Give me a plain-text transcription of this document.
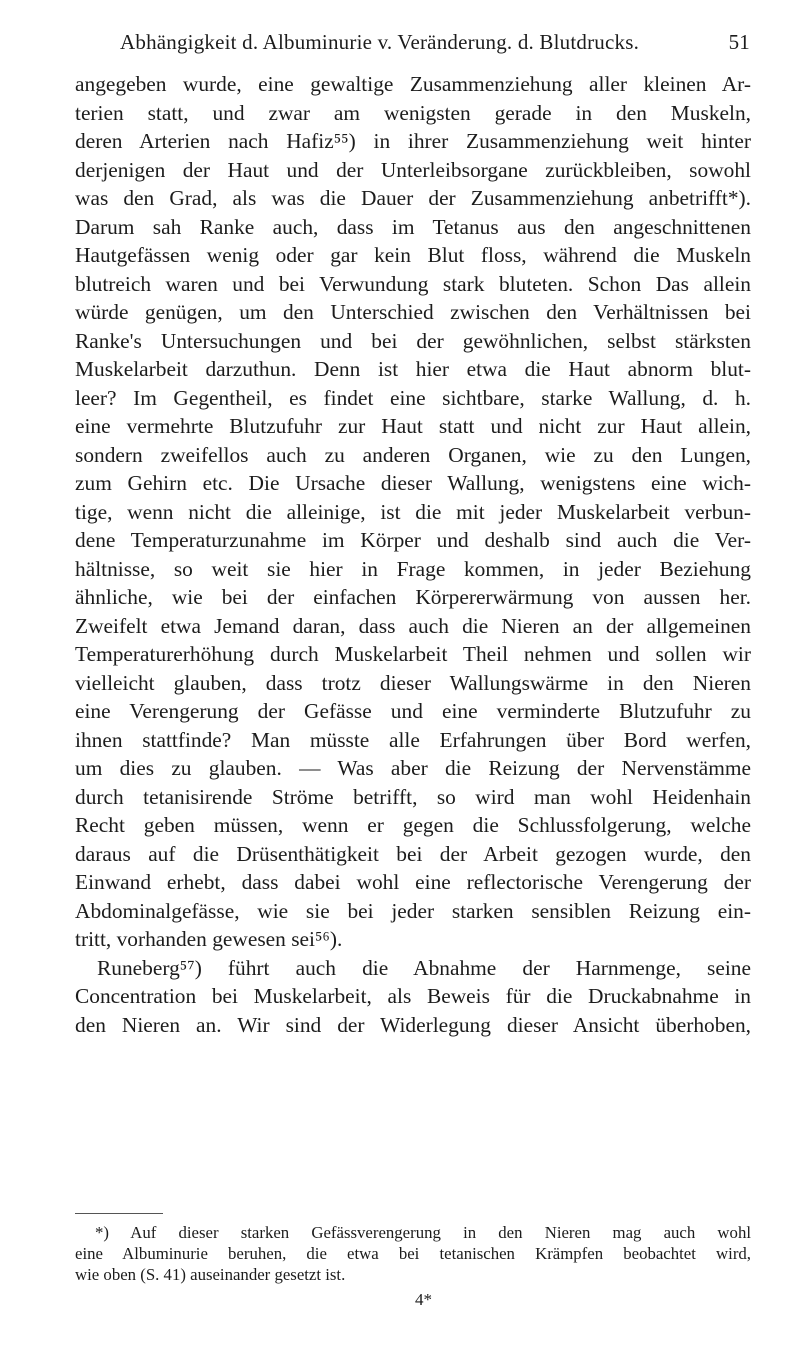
Abhängigkeit d. Albuminurie v. Veränderung. d. Blutdrucks.	51
angegeben wurde, eine gewaltige Zusammenziehung aller kleinen Ar-
terien statt, und zwar am wenigsten gerade in den Muskeln,
deren Arterien nach Hafiz⁵⁵) in ihrer Zusammenziehung weit hinter
derjenigen der Haut und der Unterleibsorgane zurückbleiben, sowohl
was den Grad, als was die Dauer der Zusammenziehung anbetrifft*).
Darum sah Ranke auch, dass im Tetanus aus den angeschnittenen
Hautgefässen wenig oder gar kein Blut floss, während die Muskeln
blutreich waren und bei Verwundung stark bluteten. Schon Das allein
würde genügen, um den Unterschied zwischen den Verhältnissen bei
Ranke's Untersuchungen und bei der gewöhnlichen, selbst stärksten
Muskelarbeit darzuthun. Denn ist hier etwa die Haut abnorm blut-
leer? Im Gegentheil, es findet eine sichtbare, starke Wallung, d. h.
eine vermehrte Blutzufuhr zur Haut statt und nicht zur Haut allein,
sondern zweifellos auch zu anderen Organen, wie zu den Lungen,
zum Gehirn etc. Die Ursache dieser Wallung, wenigstens eine wich-
tige, wenn nicht die alleinige, ist die mit jeder Muskelarbeit verbun-
dene Temperaturzunahme im Körper und deshalb sind auch die Ver-
hältnisse, so weit sie hier in Frage kommen, in jeder Beziehung
ähnliche, wie bei der einfachen Körpererwärmung von aussen her.
Zweifelt etwa Jemand daran, dass auch die Nieren an der allgemeinen
Temperaturerhöhung durch Muskelarbeit Theil nehmen und sollen wir
vielleicht glauben, dass trotz dieser Wallungswärme in den Nieren
eine Verengerung der Gefässe und eine verminderte Blutzufuhr zu
ihnen stattfinde? Man müsste alle Erfahrungen über Bord werfen,
um dies zu glauben. — Was aber die Reizung der Nervenstämme
durch tetanisirende Ströme betrifft, so wird man wohl Heidenhain
Recht geben müssen, wenn er gegen die Schlussfolgerung, welche
daraus auf die Drüsenthätigkeit bei der Arbeit gezogen wurde, den
Einwand erhebt, dass dabei wohl eine reflectorische Verengerung der
Abdominalgefässe, wie sie bei jeder starken sensiblen Reizung ein-
tritt, vorhanden gewesen sei⁵⁶).
Runeberg⁵⁷) führt auch die Abnahme der Harnmenge, seine
Concentration bei Muskelarbeit, als Beweis für die Druckabnahme in
den Nieren an. Wir sind der Widerlegung dieser Ansicht überhoben,
*) Auf dieser starken Gefässverengerung in den Nieren mag auch wohl
eine Albuminurie beruhen, die etwa bei tetanischen Krämpfen beobachtet wird,
wie oben (S. 41) auseinander gesetzt ist.
4*
